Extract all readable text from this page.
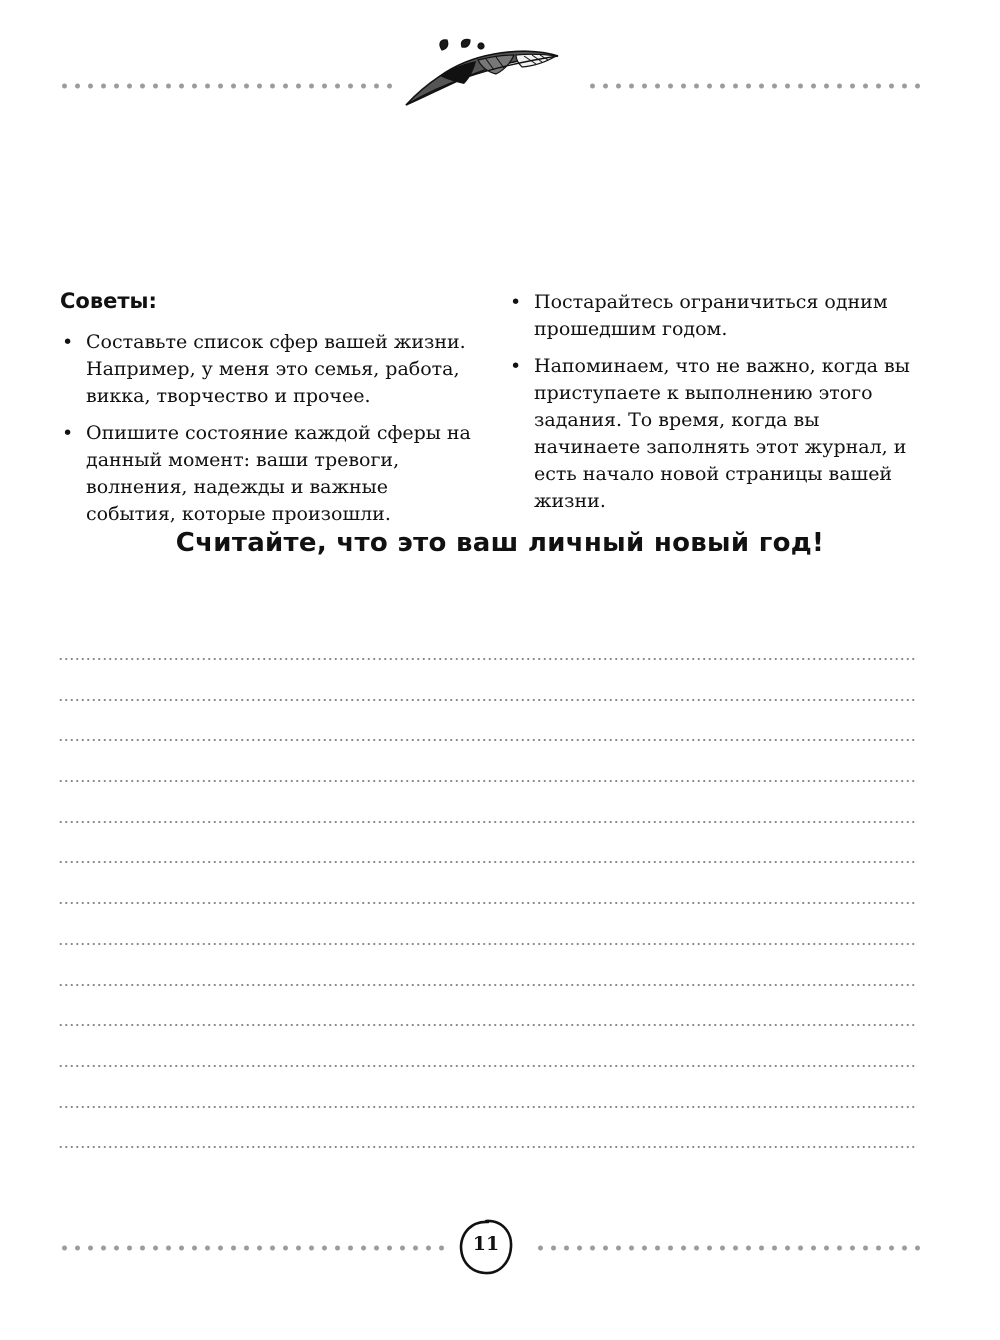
Советы:
• Составьте список сфер вашей жизни. Например, у меня это семья, работа, викка, творчество и прочее.
• Опишите состояние каждой сферы на данный момент: ваши тревоги, волнения, надежды и важные события, которые произошли.
• Постарайтесь ограничиться одним прошедшим годом.
• Напоминаем, что не важно, когда вы приступаете к выполнению этого задания. То время, когда вы начинаете заполнять этот журнал, и есть начало новой страницы вашей жизни.
Считайте, что это ваш личный новый год!
11
